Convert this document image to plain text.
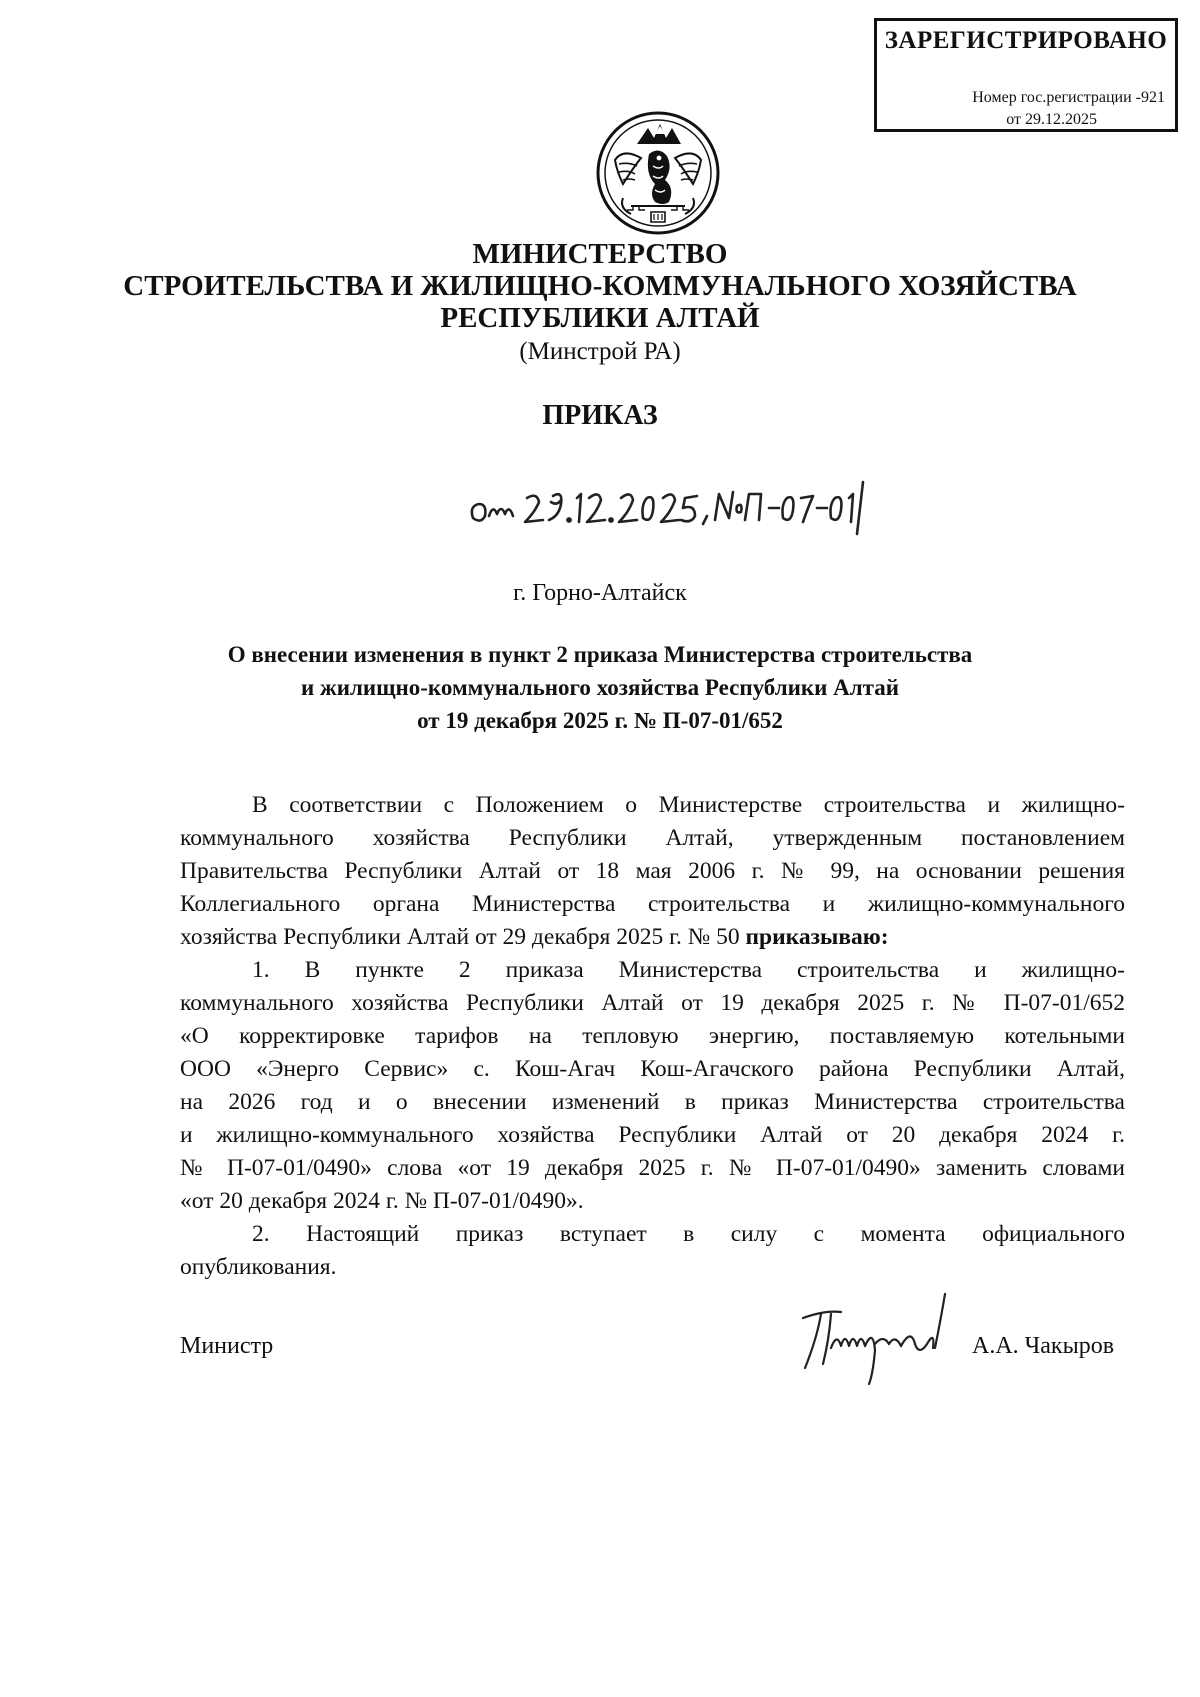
ЗАРЕГИСТРИРОВАНО
Номер гос.регистрации -921
от 29.12.2025
МИНИСТЕРСТВО
СТРОИТЕЛЬСТВА И ЖИЛИЩНО-КОММУНАЛЬНОГО ХОЗЯЙСТВА
РЕСПУБЛИКИ АЛТАЙ
(Минстрой РА)
ПРИКАЗ
г. Горно-Алтайск
О внесении изменения в пункт 2 приказа Министерства строительства
и жилищно-коммунального хозяйства Республики Алтай
от 19 декабря 2025 г. № П-07-01/652
В соответствии с Положением о Министерстве строительства и жилищно-
коммунального хозяйства Республики Алтай, утвержденным постановлением
Правительства Республики Алтай от 18 мая 2006 г. № 99, на основании решения
Коллегиального органа Министерства строительства и жилищно-коммунального
хозяйства Республики Алтай от 29 декабря 2025 г. № 50 приказываю:
1. В пункте 2 приказа Министерства строительства и жилищно-
коммунального хозяйства Республики Алтай от 19 декабря 2025 г. № П-07-01/652
«О корректировке тарифов на тепловую энергию, поставляемую котельными
ООО «Энерго Сервис» с. Кош-Агач Кош-Агачского района Республики Алтай,
на 2026 год и о внесении изменений в приказ Министерства строительства
и жилищно-коммунального хозяйства Республики Алтай от 20 декабря 2024 г.
№ П-07-01/0490» слова «от 19 декабря 2025 г. № П-07-01/0490» заменить словами
«от 20 декабря 2024 г. № П-07-01/0490».
2. Настоящий приказ вступает в силу с момента официального
опубликования.
Министр	А.А. Чакыров
